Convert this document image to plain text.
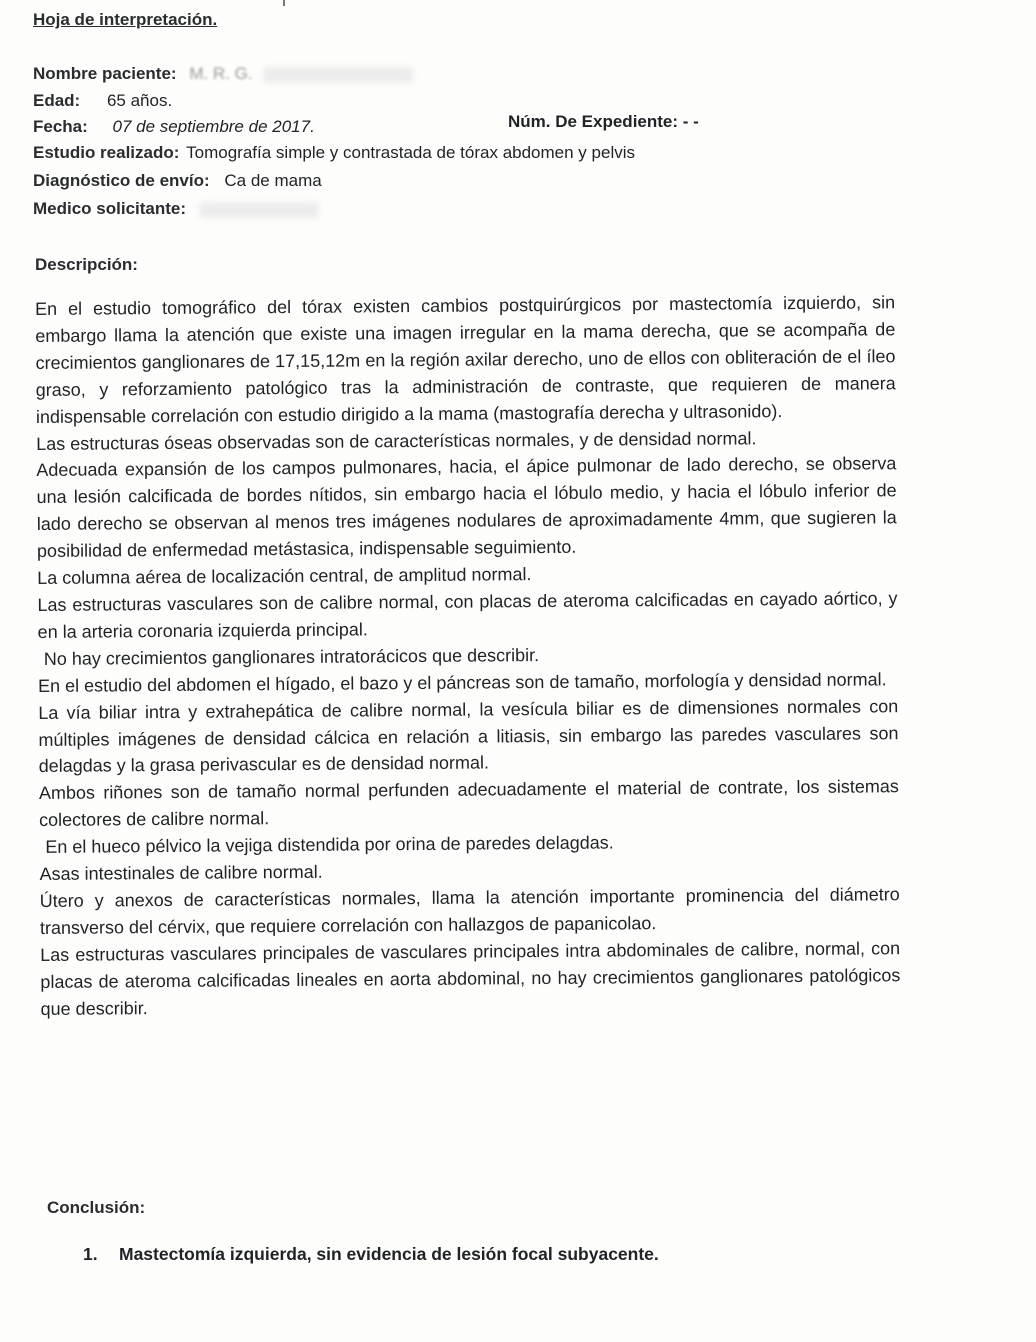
Hoja de interpretación.
Nombre paciente: M. R. G.
Edad: 65 años.
Fecha: 07 de septiembre de 2017.	Núm. De Expediente: - -
Estudio realizado: Tomografía simple y contrastada de tórax abdomen y pelvis
Diagnóstico de envío: Ca de mama
Medico solicitante:
Descripción:

En el estudio tomográfico del tórax existen cambios postquirúrgicos por mastectomía izquierdo, sin embargo llama la atención que existe una imagen irregular en la mama derecha, que se acompaña de crecimientos ganglionares de 17,15,12m en la región axilar derecho, uno de ellos con obliteración de el íleo graso, y reforzamiento patológico tras la administración de contraste, que requieren de manera indispensable correlación con estudio dirigido a la mama (mastografía derecha y ultrasonido).

Las estructuras óseas observadas son de características normales, y de densidad normal.

Adecuada expansión de los campos pulmonares, hacia, el ápice pulmonar de lado derecho, se observa una lesión calcificada de bordes nítidos, sin embargo hacia el lóbulo medio, y hacia el lóbulo inferior de lado derecho se observan al menos tres imágenes nodulares de aproximadamente 4mm, que sugieren la posibilidad de enfermedad metástasica, indispensable seguimiento.

La columna aérea de localización central, de amplitud normal.

Las estructuras vasculares son de calibre normal, con placas de ateroma calcificadas en cayado aórtico, y en la arteria coronaria izquierda principal.

No hay crecimientos ganglionares intratorácicos que describir.

En el estudio del abdomen el hígado, el bazo y el páncreas son de tamaño, morfología y densidad normal.

La vía biliar intra y extrahepática de calibre normal, la vesícula biliar es de dimensiones normales con múltiples imágenes de densidad cálcica en relación a litiasis, sin embargo las paredes vasculares son delagdas y la grasa perivascular es de densidad normal.

Ambos riñones son de tamaño normal perfunden adecuadamente el material de contrate, los sistemas colectores de calibre normal.

En el hueco pélvico la vejiga distendida por orina de paredes delagdas.

Asas intestinales de calibre normal.

Útero y anexos de características normales, llama la atención importante prominencia del diámetro transverso del cérvix, que requiere correlación con hallazgos de papanicolao.

Las estructuras vasculares principales de vasculares principales intra abdominales de calibre, normal, con placas de ateroma calcificadas lineales en aorta abdominal, no hay crecimientos ganglionares patológicos que describir.

Conclusión:
1. Mastectomía izquierda, sin evidencia de lesión focal subyacente.
